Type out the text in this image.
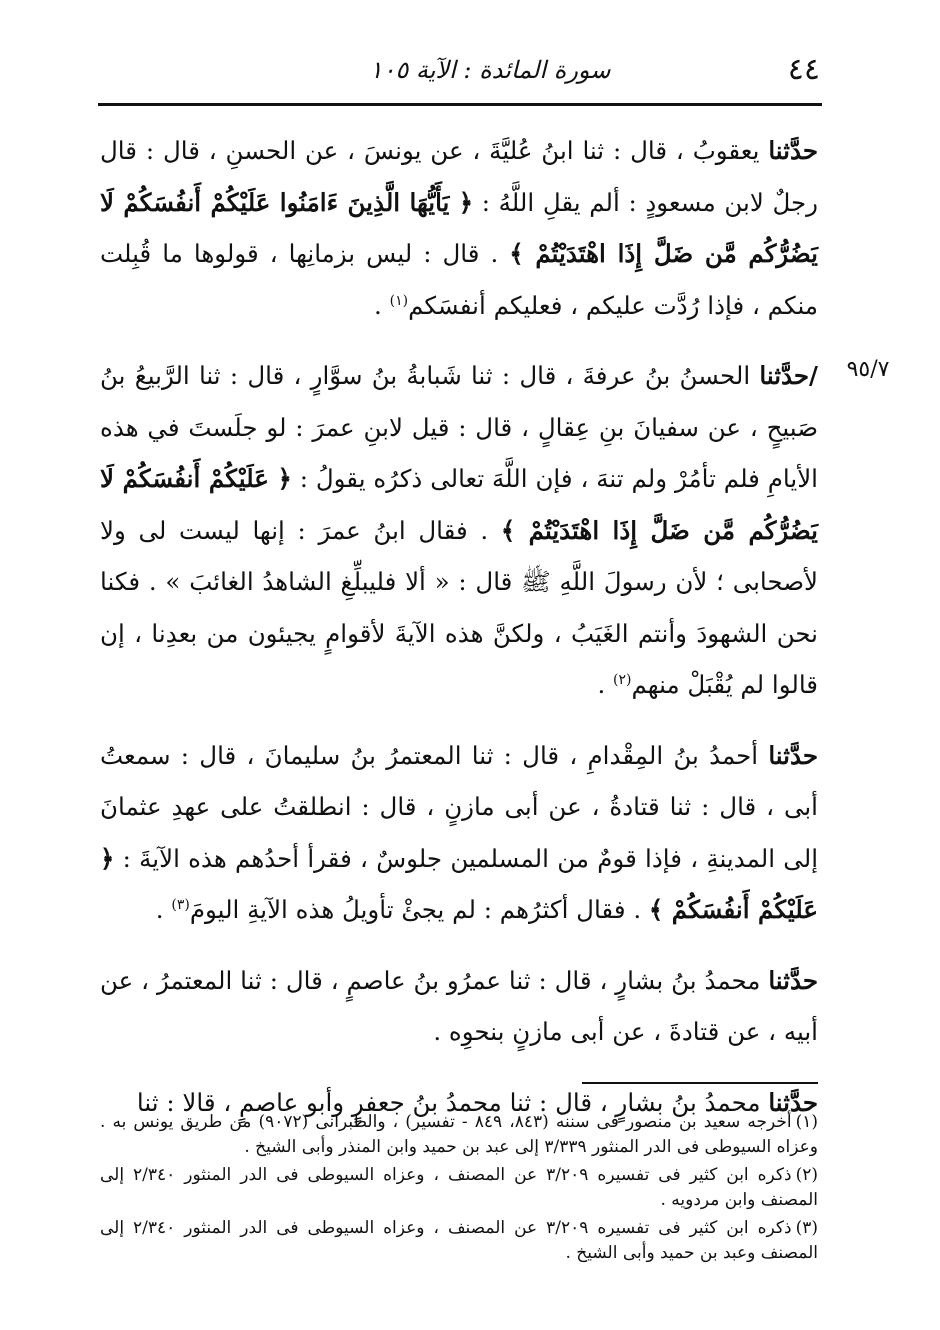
٤٤
سورة المائدة : الآية ١٠٥
٩٥/٧

حدَّثنا يعقوبُ ، قال : ثنا ابنُ عُليَّةَ ، عن يونسَ ، عن الحسنِ ، قال : قال رجلٌ لابن مسعودٍ : ألم يقلِ اللَّهُ : ﴿ يَأَيُّهَا الَّذِينَ ءَامَنُوا عَلَيْكُمْ أَنفُسَكُمْ لَا يَضُرُّكُم مَّن ضَلَّ إِذَا اهْتَدَيْتُمْ ﴾ . قال : ليس بزمانِها ، قولوها ما قُبِلت منكم ، فإذا رُدَّت عليكم ، فعليكم أنفسَكم$^{(١)}$ .

/حدَّثنا الحسنُ بنُ عرفةَ ، قال : ثنا شَبابةُ بنُ سوَّارٍ ، قال : ثنا الرَّبيعُ بنُ صَبيحٍ ، عن سفيانَ بنِ عِقالٍ ، قال : قيل لابنِ عمرَ : لو جلَستَ في هذه الأيامِ فلم تأمُرْ ولم تنهَ ، فإن اللَّهَ تعالى ذكرُه يقولُ : ﴿ عَلَيْكُمْ أَنفُسَكُمْ لَا يَضُرُّكُم مَّن ضَلَّ إِذَا اهْتَدَيْتُمْ ﴾ . فقال ابنُ عمرَ : إنها ليست لى ولا لأصحابى ؛ لأن رسولَ اللَّهِ ﷺ قال : « ألا فليبلِّغِ الشاهدُ الغائبَ » . فكنا نحن الشهودَ وأنتم الغَيَبُ ، ولكنَّ هذه الآيةَ لأقوامٍ يجيئون من بعدِنا ، إن قالوا لم يُقْبَلْ منهم$^{(٢)}$ .

حدَّثنا أحمدُ بنُ المِقْدامِ ، قال : ثنا المعتمرُ بنُ سليمانَ ، قال : سمعتُ أبى ، قال : ثنا قتادةُ ، عن أبى مازنٍ ، قال : انطلقتُ على عهدِ عثمانَ إلى المدينةِ ، فإذا قومٌ من المسلمين جلوسٌ ، فقرأ أحدُهم هذه الآيةَ : ﴿ عَلَيْكُمْ أَنفُسَكُمْ ﴾ . فقال أكثرُهم : لم يجئْ تأويلُ هذه الآيةِ اليومَ$^{(٣)}$ .

حدَّثنا محمدُ بنُ بشارٍ ، قال : ثنا عمرُو بنُ عاصمٍ ، قال : ثنا المعتمرُ ، عن أبيه ، عن قتادةَ ، عن أبى مازنٍ بنحوِه .

حدَّثنا محمدُ بنُ بشارٍ ، قال : ثنا محمدُ بنُ جعفرٍ وأبو عاصمٍ ، قالا : ثنا

(١)أخرجه سعيد بن منصور فى سننه (٨٤٣، ٨٤٩ - تفسير) ، والطبرانى (٩٠٧٢) من طريق يونس به . وعزاه السيوطى فى الدر المنثور ٣/٣٣٩ إلى عبد بن حميد وابن المنذر وأبى الشيخ .

(٢)ذكره ابن كثير فى تفسيره ٣/٢٠٩ عن المصنف ، وعزاه السيوطى فى الدر المنثور ٢/٣٤٠ إلى المصنف وابن مردويه .

(٣)ذكره ابن كثير فى تفسيره ٣/٢٠٩ عن المصنف ، وعزاه السيوطى فى الدر المنثور ٢/٣٤٠ إلى المصنف وعبد بن حميد وأبى الشيخ .
